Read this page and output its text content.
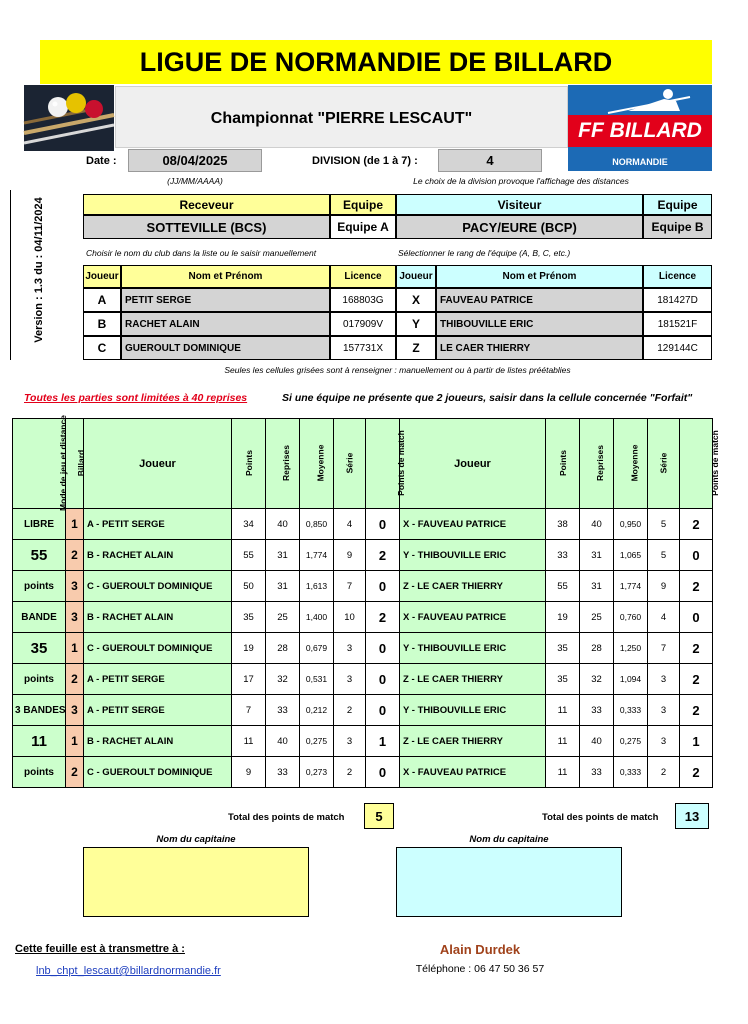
LIGUE DE NORMANDIE DE BILLARD
Championnat "PIERRE LESCAUT"
FF BILLARD
NORMANDIE
Date :	08/04/2025	DIVISION (de 1 à 7) :	4
(JJ/MM/AAAA)	Le choix de la division provoque l'affichage des distances
Version : 1.3 du : 04/11/2024	Receveur	Equipe	Visiteur	Equipe
SOTTEVILLE (BCS)	Equipe A	PACY/EURE (BCP)	Equipe B
Choisir le nom du club dans la liste ou le saisir manuellement	Sélectionner le rang de l'équipe (A, B, C, etc.)
Joueur	Nom et Prénom	Licence	Joueur	Nom et Prénom	Licence
A	PETIT SERGE	168803G	X	FAUVEAU PATRICE	181427D
B	RACHET ALAIN	017909V	Y	THIBOUVILLE ERIC	181521F
C	GUEROULT DOMINIQUE	157731X	Z	LE CAER THIERRY	129144C
Seules les cellules grisées sont à renseigner : manuellement ou à partir de listes préétablies
Toutes les parties sont limitées à 40 reprises	Si une équipe ne présente que 2 joueurs, saisir dans la cellule concernée "Forfait"
Mode de jeu et distance	Billard	Joueur	Points	Reprises	Moyenne	Série	Points de match	Joueur	Points	Reprises	Moyenne	Série	Points de match
LIBRE	1	A - PETIT SERGE	34	40	0,850	4	0	X - FAUVEAU PATRICE	38	40	0,950	5	2
55	2	B - RACHET ALAIN	55	31	1,774	9	2	Y - THIBOUVILLE ERIC	33	31	1,065	5	0
points	3	C - GUEROULT DOMINIQUE	50	31	1,613	7	0	Z - LE CAER THIERRY	55	31	1,774	9	2
BANDE	3	B - RACHET ALAIN	35	25	1,400	10	2	X - FAUVEAU PATRICE	19	25	0,760	4	0
35	1	C - GUEROULT DOMINIQUE	19	28	0,679	3	0	Y - THIBOUVILLE ERIC	35	28	1,250	7	2
points	2	A - PETIT SERGE	17	32	0,531	3	0	Z - LE CAER THIERRY	35	32	1,094	3	2
3 BANDES	3	A - PETIT SERGE	7	33	0,212	2	0	Y - THIBOUVILLE ERIC	11	33	0,333	3	2
11	1	B - RACHET ALAIN	11	40	0,275	3	1	Z - LE CAER THIERRY	11	40	0,275	3	1
points	2	C - GUEROULT DOMINIQUE	9	33	0,273	2	0	X - FAUVEAU PATRICE	11	33	0,333	2	2
Total des points de match	5	Total des points de match	13
Nom du capitaine	Nom du capitaine
Cette feuille est à transmettre à :
lnb_chpt_lescaut@billardnormandie.fr
Alain Durdek
Téléphone : 06 47 50 36 57
